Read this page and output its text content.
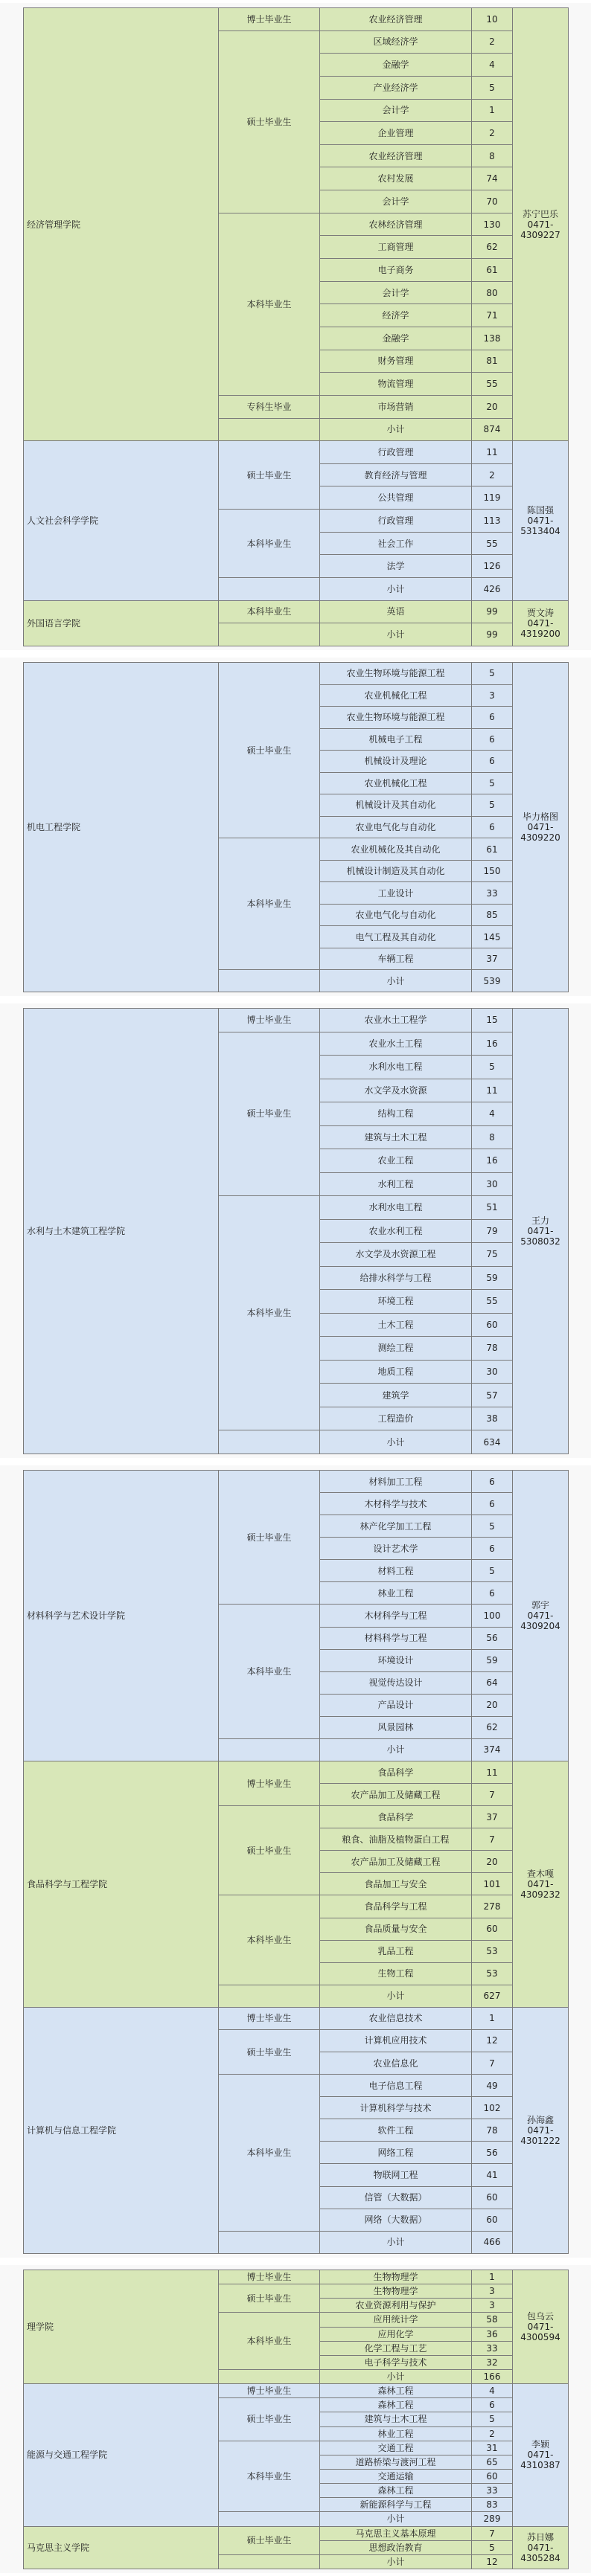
经济管理学院	博士毕业生	农业经济管理	10	苏宁巴乐
0471-4309227

	硕士毕业生	区域经济学	2	
		金融学	4	
		产业经济学	5	
		会计学	1	
		企业管理	2	
		农业经济管理	8	
		农村发展	74	
		会计学	70	
	本科毕业生	农林经济管理	130	
		工商管理	62	
		电子商务	61	
		会计学	80	
		经济学	71	
		金融学	138	
		财务管理	81	
		物流管理	55	
	专科生毕业	市场营销	20	
		小计	874	
人文社会科学学院	硕士毕业生	行政管理	11	陈国强
0471-5313404

		教育经济与管理	2	
		公共管理	119	
	本科毕业生	行政管理	113	
		社会工作	55	
		法学	126	
		小计	426	
外国语言学院	本科毕业生	英语	99	贾文涛
0471-4319200

		小计	99	
机电工程学院	硕士毕业生	农业生物环境与能源工程	5	毕力格图
0471-4309220

		农业机械化工程	3	
		农业生物环境与能源工程	6	
		机械电子工程	6	
		机械设计及理论	6	
		农业机械化工程	5	
		机械设计及其自动化	5	
		农业电气化与自动化	6	
	本科毕业生	农业机械化及其自动化	61	
		机械设计制造及其自动化	150	
		工业设计	33	
		农业电气化与自动化	85	
		电气工程及其自动化	145	
		车辆工程	37	
		小计	539	
水利与土木建筑工程学院	博士毕业生	农业水土工程学	15	王力
0471-5308032

	硕士毕业生	农业水土工程	16	
		水利水电工程	5	
		水文学及水资源	11	
		结构工程	4	
		建筑与土木工程	8	
		农业工程	16	
		水利工程	30	
	本科毕业生	水利水电工程	51	
		农业水利工程	79	
		水文学及水资源工程	75	
		给排水科学与工程	59	
		环境工程	55	
		土木工程	60	
		测绘工程	78	
		地质工程	30	
		建筑学	57	
		工程造价	38	
		小计	634	
材料科学与艺术设计学院	硕士毕业生	材料加工工程	6	郭宇
0471-4309204

		木材科学与技术	6	
		林产化学加工工程	5	
		设计艺术学	6	
		材料工程	5	
		林业工程	6	
	本科毕业生	木材科学与工程	100	
		材料科学与工程	56	
		环境设计	59	
		视觉传达设计	64	
		产品设计	20	
		风景园林	62	
		小计	374	
食品科学与工程学院	博士毕业生	食品科学	11	查木嘎
0471-4309232

		农产品加工及储藏工程	7	
	硕士毕业生	食品科学	37	
		粮食、油脂及植物蛋白工程	7	
		农产品加工及储藏工程	20	
		食品加工与安全	101	
	本科毕业生	食品科学与工程	278	
		食品质量与安全	60	
		乳品工程	53	
		生物工程	53	
		小计	627	
计算机与信息工程学院	博士毕业生	农业信息技术	1	孙海鑫
0471-4301222

	硕士毕业生	计算机应用技术	12	
		农业信息化	7	
	本科毕业生	电子信息工程	49	
		计算机科学与技术	102	
		软件工程	78	
		网络工程	56	
		物联网工程	41	
		信管（大数据）	60	
		网络（大数据）	60	
		小计	466	
理学院	博士毕业生	生物物理学	1	包乌云
0471-4300594

	硕士毕业生	生物物理学	3	
		农业资源利用与保护	3	
	本科毕业生	应用统计学	58	
		应用化学	36	
		化学工程与工艺	33	
		电子科学与技术	32	
		小计	166	
能源与交通工程学院	博士毕业生	森林工程	4	李颖
0471-4310387

	硕士毕业生	森林工程	6	
		建筑与土木工程	5	
		林业工程	2	
	本科毕业生	交通工程	31	
		道路桥梁与渡河工程	65	
		交通运输	60	
		森林工程	33	
		新能源科学与工程	83	
		小计	289	
马克思主义学院	硕士毕业生	马克思主义基本原理	7	苏日娜
0471-4305284

		思想政治教育	5	
		小计	12	
